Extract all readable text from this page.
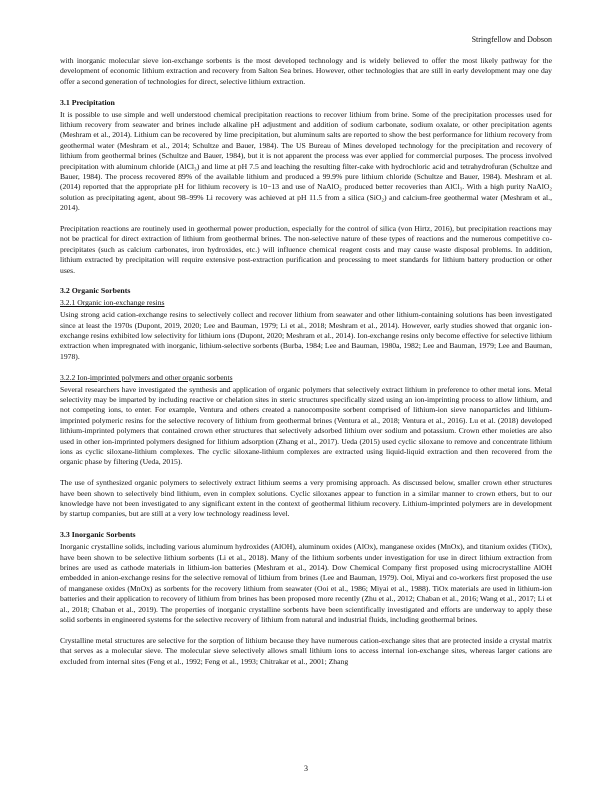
Stringfellow and Dobson

with inorganic molecular sieve ion-exchange sorbents is the most developed technology and is widely believed to offer the most likely pathway for the development of economic lithium extraction and recovery from Salton Sea brines. However, other technologies that are still in early development may one day offer a second generation of technologies for direct, selective lithium extraction.

3.1 Precipitation

It is possible to use simple and well understood chemical precipitation reactions to recover lithium from brine. Some of the precipitation processes used for lithium recovery from seawater and brines include alkaline pH adjustment and addition of sodium carbonate, sodium oxalate, or other precipitation agents (Meshram et al., 2014). Lithium can be recovered by lime precipitation, but aluminum salts are reported to show the best performance for lithium recovery from geothermal water (Meshram et al., 2014; Schultze and Bauer, 1984). The US Bureau of Mines developed technology for the precipitation and recovery of lithium from geothermal brines (Schultze and Bauer, 1984), but it is not apparent the process was ever applied for commercial purposes. The process involved precipitation with aluminum chloride (AlCl₃) and lime at pH 7.5 and leaching the resulting filter-cake with hydrochloric acid and tetrahydrofuran (Schultze and Bauer, 1984). The process recovered 89% of the available lithium and produced a 99.9% pure lithium chloride (Schultze and Bauer, 1984). Meshram et al. (2014) reported that the appropriate pH for lithium recovery is 10−13 and use of NaAlO₂ produced better recoveries than AlCl₃. With a high purity NaAlO₂ solution as precipitating agent, about 98–99% Li recovery was achieved at pH 11.5 from a silica (SiO₂) and calcium-free geothermal water (Meshram et al., 2014).

Precipitation reactions are routinely used in geothermal power production, especially for the control of silica (von Hirtz, 2016), but precipitation reactions may not be practical for direct extraction of lithium from geothermal brines. The non-selective nature of these types of reactions and the numerous competitive co-precipitates (such as calcium carbonates, iron hydroxides, etc.) will influence chemical reagent costs and may cause waste disposal problems. In addition, lithium extracted by precipitation will require extensive post-extraction purification and processing to meet standards for lithium battery production or other uses.

3.2 Organic Sorbents
3.2.1 Organic ion-exchange resins

Using strong acid cation-exchange resins to selectively collect and recover lithium from seawater and other lithium-containing solutions has been investigated since at least the 1970s (Dupont, 2019, 2020; Lee and Bauman, 1979; Li et al., 2018; Meshram et al., 2014). However, early studies showed that organic ion-exchange resins exhibited low selectivity for lithium ions (Dupont, 2020; Meshram et al., 2014). Ion-exchange resins only become effective for selective lithium extraction when impregnated with inorganic, lithium-selective sorbents (Burba, 1984; Lee and Bauman, 1980a, 1982; Lee and Bauman, 1979; Lee and Bauman, 1978).

3.2.2 Ion-imprinted polymers and other organic sorbents

Several researchers have investigated the synthesis and application of organic polymers that selectively extract lithium in preference to other metal ions. Metal selectivity may be imparted by including reactive or chelation sites in steric structures specifically sized using an ion-imprinting process to allow lithium, and not competing ions, to enter. For example, Ventura and others created a nanocomposite sorbent comprised of lithium-ion sieve nanoparticles and lithium-imprinted polymeric resins for the selective recovery of lithium from geothermal brines (Ventura et al., 2018; Ventura et al., 2016). Lu et al. (2018) developed lithium-imprinted polymers that contained crown ether structures that selectively adsorbed lithium over sodium and potassium. Crown ether moieties are also used in other ion-imprinted polymers designed for lithium adsorption (Zhang et al., 2017). Ueda (2015) used cyclic siloxane to remove and concentrate lithium ions as cyclic siloxane-lithium complexes. The cyclic siloxane-lithium complexes are extracted using liquid-liquid extraction and then recovered from the organic phase by filtering (Ueda, 2015).

The use of synthesized organic polymers to selectively extract lithium seems a very promising approach. As discussed below, smaller crown ether structures have been shown to selectively bind lithium, even in complex solutions. Cyclic siloxanes appear to function in a similar manner to crown ethers, but to our knowledge have not been investigated to any significant extent in the context of geothermal lithium recovery. Lithium-imprinted polymers are in development by startup companies, but are still at a very low technology readiness level.

3.3 Inorganic Sorbents

Inorganic crystalline solids, including various aluminum hydroxides (AlOH), aluminum oxides (AlOx), manganese oxides (MnOx), and titanium oxides (TiOx), have been shown to be selective lithium sorbents (Li et al., 2018). Many of the lithium sorbents under investigation for use in direct lithium extraction from brines are used as cathode materials in lithium-ion batteries (Meshram et al., 2014). Dow Chemical Company first proposed using microcrystalline AlOH embedded in anion-exchange resins for the selective removal of lithium from brines (Lee and Bauman, 1979). Ooi, Miyai and co-workers first proposed the use of manganese oxides (MnOx) as sorbents for the recovery lithium from seawater (Ooi et al., 1986; Miyai et al., 1988). TiOx materials are used in lithium-ion batteries and their application to recovery of lithium from brines has been proposed more recently (Zhu et al., 2012; Chaban et al., 2016; Wang et al., 2017; Li et al., 2018; Chaban et al., 2019). The properties of inorganic crystalline sorbents have been scientifically investigated and efforts are underway to apply these solid sorbents in engineered systems for the selective recovery of lithium from natural and industrial fluids, including geothermal brines.

Crystalline metal structures are selective for the sorption of lithium because they have numerous cation-exchange sites that are protected inside a crystal matrix that serves as a molecular sieve. The molecular sieve selectively allows small lithium ions to access internal ion-exchange sites, whereas larger cations are excluded from internal sites (Feng et al., 1992; Feng et al., 1993; Chitrakar et al., 2001; Zhang

3
